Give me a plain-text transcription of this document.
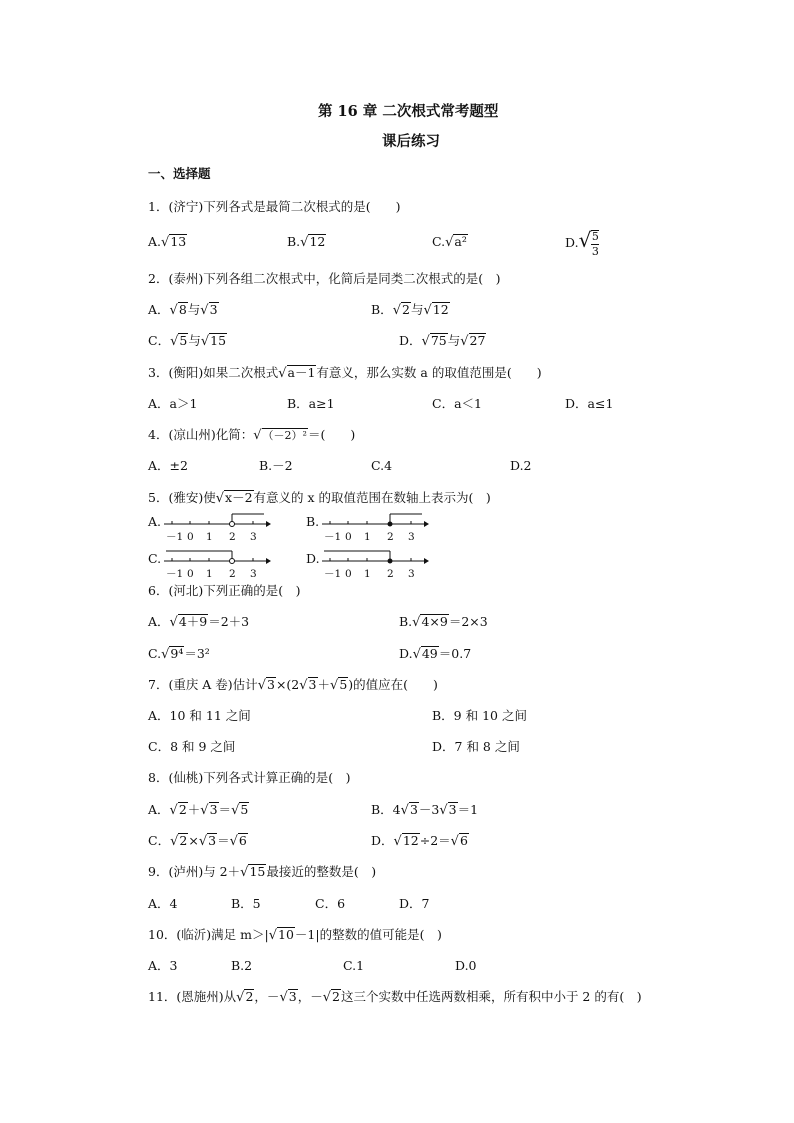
第 16 章 二次根式常考题型
课后练习
一、选择题
1．(济宁)下列各式是最简二次根式的是(　　)
A.√13	B.√12	C.√a²	$D.√ \frac{5}{3}$
2．(泰州)下列各组二次根式中，化简后是同类二次根式的是(　)
A．√8与√3	B．√2与√12
C．√5与√15	D．√75与√27
3．(衡阳)如果二次根式√a－1有意义，那么实数 a 的取值范围是(　　)
A．a＞1	B．a≥1	C．a＜1	D．a≤1
4．(凉山州)化简：√（－2）²＝(　　)
A．±2	B.－2	C.4	D.2
5．(雅安)使√x－2有意义的 x 的取值范围在数轴上表示为(　)
A.
－1 0 1 2 3
B.
－1 0 1 2 3
C.
－1 0 1 2 3
D.
－1 0 1 2 3
6．(河北)下列正确的是(　)
A．√4＋9＝2＋3	B.√4×9＝2×3
C.√9⁴＝3²	D.√49＝0.7
7．(重庆 A 卷)估计√3×(2√3＋√5)的值应在(　　)
A．10 和 11 之间	B．9 和 10 之间
C．8 和 9 之间	D．7 和 8 之间
8．(仙桃)下列各式计算正确的是(　)
A．√2＋√3＝√5	B．4√3－3√3＝1
C．√2×√3＝√6	D．√12÷2＝√6
9．(泸州)与 2＋√15最接近的整数是(　)
A．4	B．5	C．6	D．7
10．(临沂)满足 m＞|√10－1|的整数的值可能是(　)
A．3	B.2	C.1	D.0
11．(恩施州)从√2，－√3，－√2这三个实数中任选两数相乘，所有积中小于 2 的有(　)
